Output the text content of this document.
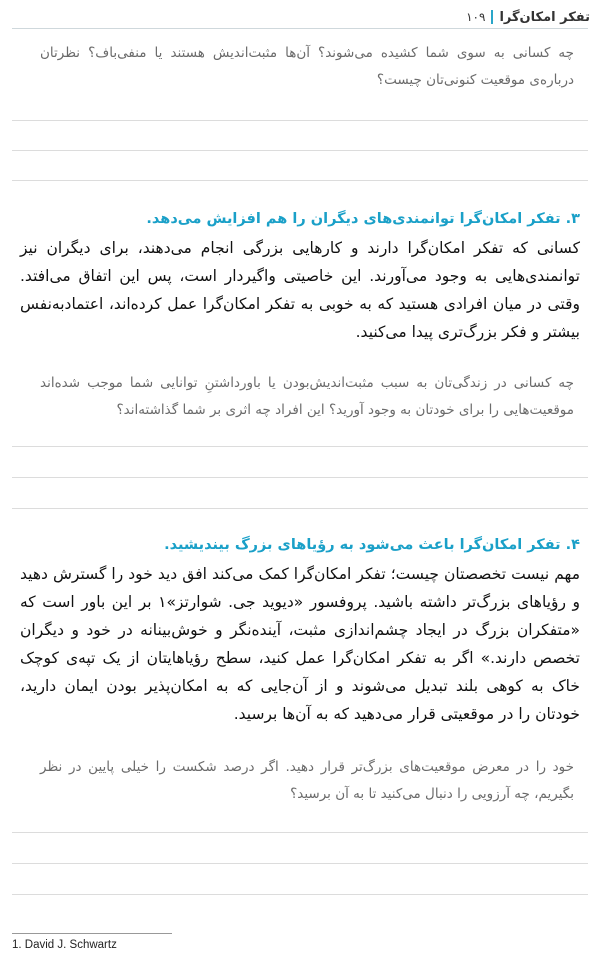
تفکر امکان‌گرا
۱۰۹
چه کسانی به سوی شما کشیده می‌شوند؟ آن‌ها مثبت‌اندیش هستند یا منفی‌باف؟ نظرتان درباره‌ی موقعیت کنونی‌تان چیست؟
۳. تفکر امکان‌گرا توانمندی‌های دیگران را هم افزایش می‌دهد.
کسانی که تفکر امکان‌گرا دارند و کارهایی بزرگی انجام می‌دهند، برای دیگران نیز توانمندی‌هایی به وجود می‌آورند. این خاصیتی واگیردار است، پس این اتفاق می‌افتد. وقتی در میان افرادی هستید که به خوبی به تفکر امکان‌گرا عمل کرده‌اند، اعتمادبه‌نفس بیشتر و فکر بزرگ‌تری پیدا می‌کنید.
چه کسانی در زندگی‌تان به سبب مثبت‌اندیش‌بودن یا باورداشتنِ توانایی شما موجب شده‌اند موقعیت‌هایی را برای خودتان به وجود آورید؟ این افراد چه اثری بر شما گذاشته‌اند؟
۴. تفکر امکان‌گرا باعث می‌شود به رؤیاهای بزرگ بیندیشید.
مهم نیست تخصصتان چیست؛ تفکر امکان‌گرا کمک می‌کند افق دید خود را گسترش دهید و رؤیاهای بزرگ‌تر داشته باشید. پروفسور «دیوید جی. شوارتز»۱ بر این باور است که «متفکران بزرگ در ایجاد چشم‌اندازی مثبت، آینده‌نگر و خوش‌بینانه در خود و دیگران تخصص دارند.» اگر به تفکر امکان‌گرا عمل کنید، سطح رؤیاهایتان از یک تپه‌ی کوچک خاک به کوهی بلند تبدیل می‌شوند و از آن‌جایی که به امکان‌پذیر بودن ایمان دارید، خودتان را در موقعیتی قرار می‌دهید که به آن‌ها برسید.
خود را در معرض موقعیت‌های بزرگ‌تر قرار دهید. اگر درصد شکست را خیلی پایین در نظر بگیریم، چه آرزویی را دنبال می‌کنید تا به آن برسید؟
1. David J. Schwartz
